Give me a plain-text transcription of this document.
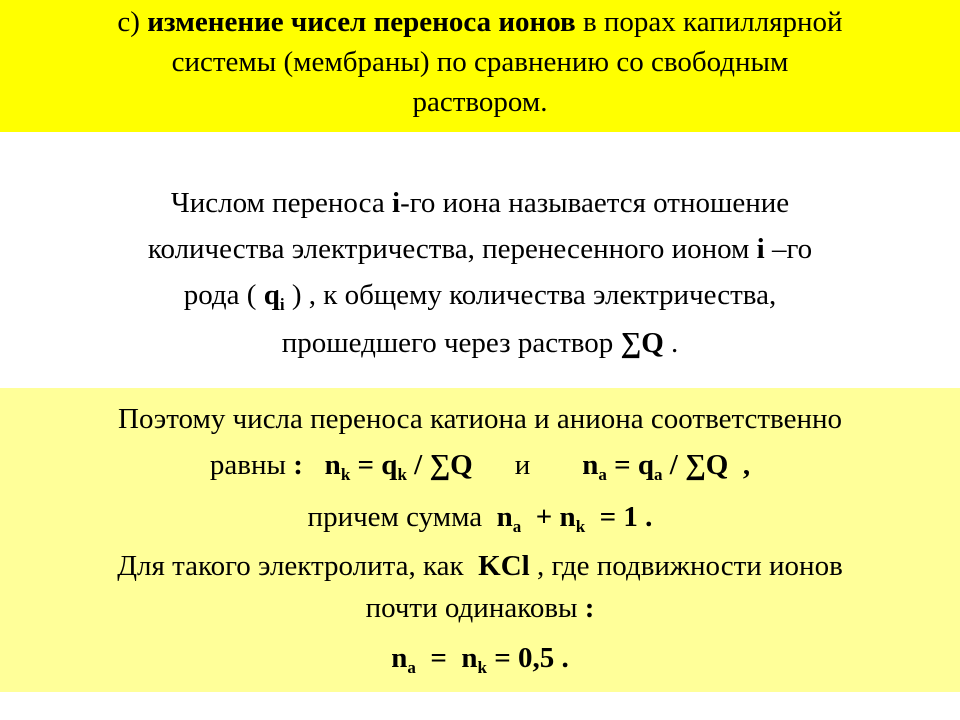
с) изменение чисел переноса ионов в порах капиллярной
системы (мембраны) по сравнению со свободным
раствором.
Числом переноса i-го иона называется отношение
количества электричества, перенесенного ионом i –го
рода ( $q_i$ ) , к общему количества электричества,
прошедшего через раствор ∑Q .
Поэтому числа переноса катиона и аниона соответственно
равны :   $n_k = q_k / \sum Q$ и $n_a = q_a / \sum Q$  ,
причем сумма  $n_a + n_k = 1$ .
Для такого электролита, как  KCl , где подвижности ионов
почти одинаковы :
$n_a = n_k = 0,5$ .
